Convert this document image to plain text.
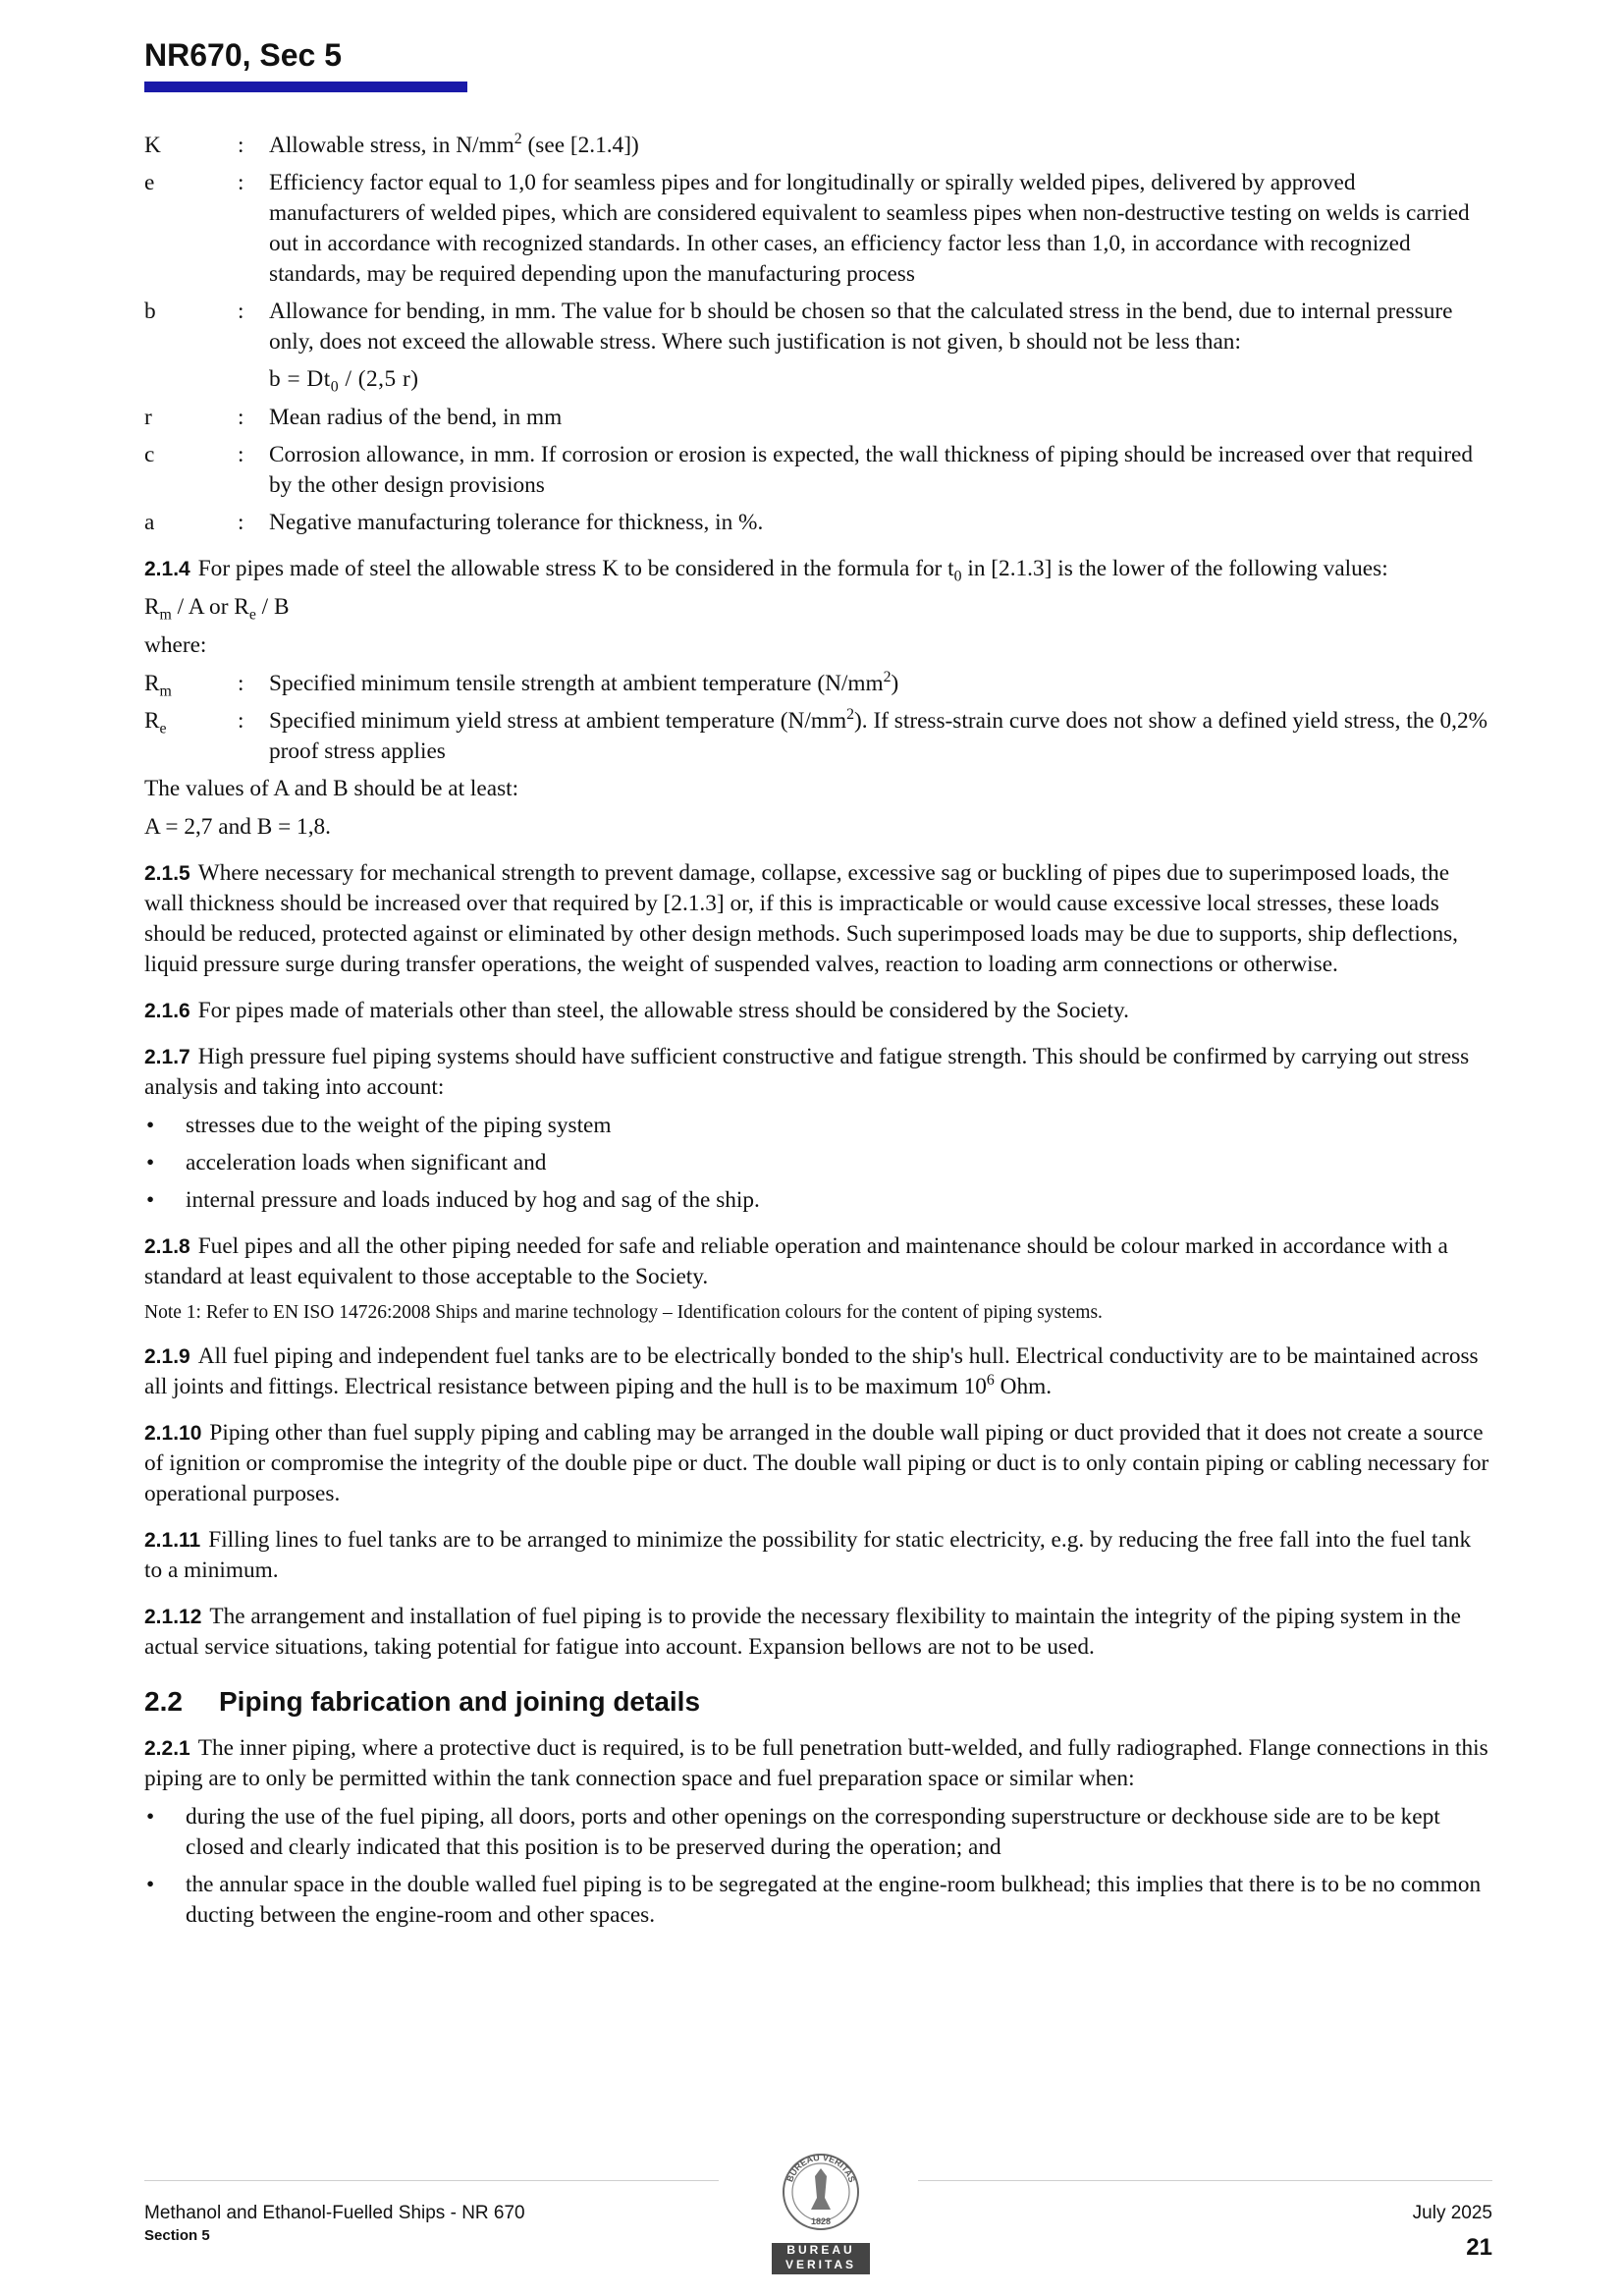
NR670, Sec 5
K	:	Allowable stress, in $N/mm^2$ (see [2.1.4])
e	:	Efficiency factor equal to 1,0 for seamless pipes and for longitudinally or spirally welded pipes, delivered by approved manufacturers of welded pipes, which are considered equivalent to seamless pipes when non-destructive testing on welds is carried out in accordance with recognized standards. In other cases, an efficiency factor less than 1,0, in accordance with recognized standards, may be required depending upon the manufacturing process
b	:	Allowance for bending, in mm. The value for b should be chosen so that the calculated stress in the bend, due to internal pressure only, does not exceed the allowable stress. Where such justification is not given, b should not be less than:
$b = Dt_0 / (2,5$ r)
r	:	Mean radius of the bend, in mm
c	:	Corrosion allowance, in mm. If corrosion or erosion is expected, the wall thickness of piping should be increased over that required by the other design provisions
a	:	Negative manufacturing tolerance for thickness, in %.

2.1.4 For pipes made of steel the allowable stress K to be considered in the formula for $t_0$ in [2.1.3] is the lower of the following values:

$R_m$ / A or $R_e$ / B

where:

$R_m$	:	Specified minimum tensile strength at ambient temperature $(N/mm^2)$
$R_e$	:	Specified minimum yield stress at ambient temperature $(N/mm^2)$. If stress-strain curve does not show a defined yield stress, the 0,2% proof stress applies

The values of A and B should be at least:

A = 2,7 and B = 1,8.

2.1.5 Where necessary for mechanical strength to prevent damage, collapse, excessive sag or buckling of pipes due to superimposed loads, the wall thickness should be increased over that required by [2.1.3] or, if this is impracticable or would cause excessive local stresses, these loads should be reduced, protected against or eliminated by other design methods. Such superimposed loads may be due to supports, ship deflections, liquid pressure surge during transfer operations, the weight of suspended valves, reaction to loading arm connections or otherwise.

2.1.6 For pipes made of materials other than steel, the allowable stress should be considered by the Society.

2.1.7 High pressure fuel piping systems should have sufficient constructive and fatigue strength. This should be confirmed by carrying out stress analysis and taking into account:

•	stresses due to the weight of the piping system
•	acceleration loads when significant and
•	internal pressure and loads induced by hog and sag of the ship.

2.1.8 Fuel pipes and all the other piping needed for safe and reliable operation and maintenance should be colour marked in accordance with a standard at least equivalent to those acceptable to the Society.

Note 1: Refer to EN ISO 14726:2008 Ships and marine technology – Identification colours for the content of piping systems.

2.1.9 All fuel piping and independent fuel tanks are to be electrically bonded to the ship's hull. Electrical conductivity are to be maintained across all joints and fittings. Electrical resistance between piping and the hull is to be maximum $10^6$ Ohm.

2.1.10 Piping other than fuel supply piping and cabling may be arranged in the double wall piping or duct provided that it does not create a source of ignition or compromise the integrity of the double pipe or duct. The double wall piping or duct is to only contain piping or cabling necessary for operational purposes.

2.1.11 Filling lines to fuel tanks are to be arranged to minimize the possibility for static electricity, e.g. by reducing the free fall into the fuel tank to a minimum.

2.1.12 The arrangement and installation of fuel piping is to provide the necessary flexibility to maintain the integrity of the piping system in the actual service situations, taking potential for fatigue into account. Expansion bellows are not to be used.

2.2 Piping fabrication and joining details

2.2.1 The inner piping, where a protective duct is required, is to be full penetration butt-welded, and fully radiographed. Flange connections in this piping are to only be permitted within the tank connection space and fuel preparation space or similar when:

•	during the use of the fuel piping, all doors, ports and other openings on the corresponding superstructure or deckhouse side are to be kept closed and clearly indicated that this position is to be preserved during the operation; and
•	the annular space in the double walled fuel piping is to be segregated at the engine-room bulkhead; this implies that there is to be no common ducting between the engine-room and other spaces.
Methanol and Ethanol-Fuelled Ships - NR 670
Section 5
BUREAU VERITAS
1828
BUREAU
VERITAS
July 2025
21
